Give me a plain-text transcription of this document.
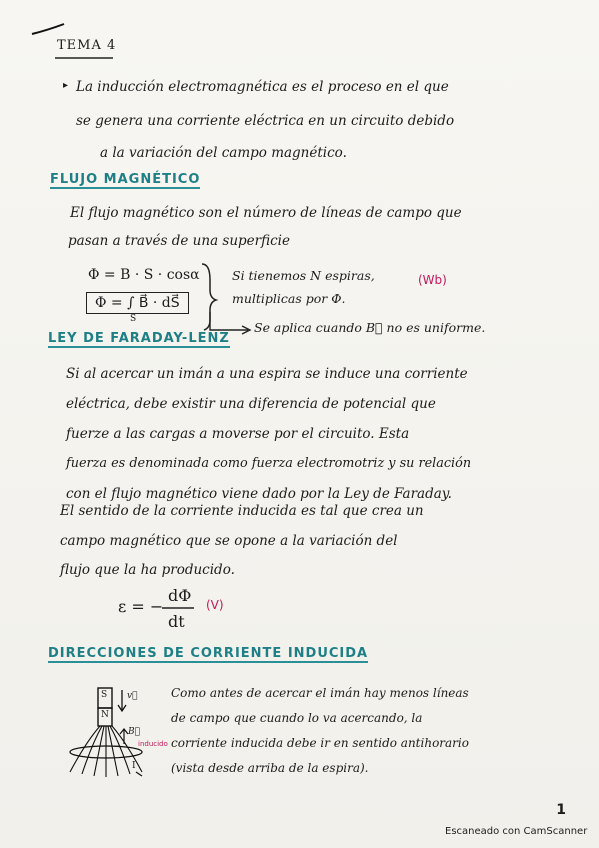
TEMA 4
▸ La inducción electromagnética es el proceso en el que
se genera una corriente eléctrica en un circuito debido
a la variación del campo magnético.
FLUJO MAGNÉTICO
El flujo magnético son el número de líneas de campo que
pasan a través de una superficie
Φ = B · S · cosα
Φ = ∫ B⃗ · dS⃗
S
Si tienemos N espiras,
multiplicas por Φ.
(Wb)
Se aplica cuando B⃗ no es uniforme.
LEY DE FARADAY-LENZ
Si al acercar un imán a una espira se induce una corriente
eléctrica, debe existir una diferencia de potencial que
fuerze a las cargas a moverse por el circuito. Esta
fuerza es denominada como fuerza electromotriz y su relación
con el flujo magnético viene dado por la Ley de Faraday.
El sentido de la corriente inducida es tal que crea un
campo magnético que se opone a la variación del
flujo que la ha producido.
ε = −
dΦ
dt
(V)
DIRECCIONES DE CORRIENTE INDUCIDA
S
N
v⃗
B⃗
inducido
I
Como antes de acercar el imán hay menos líneas
de campo que cuando lo va acercando, la
corriente inducida debe ir en sentido antihorario
(vista desde arriba de la espira).
1
Escaneado con CamScanner
